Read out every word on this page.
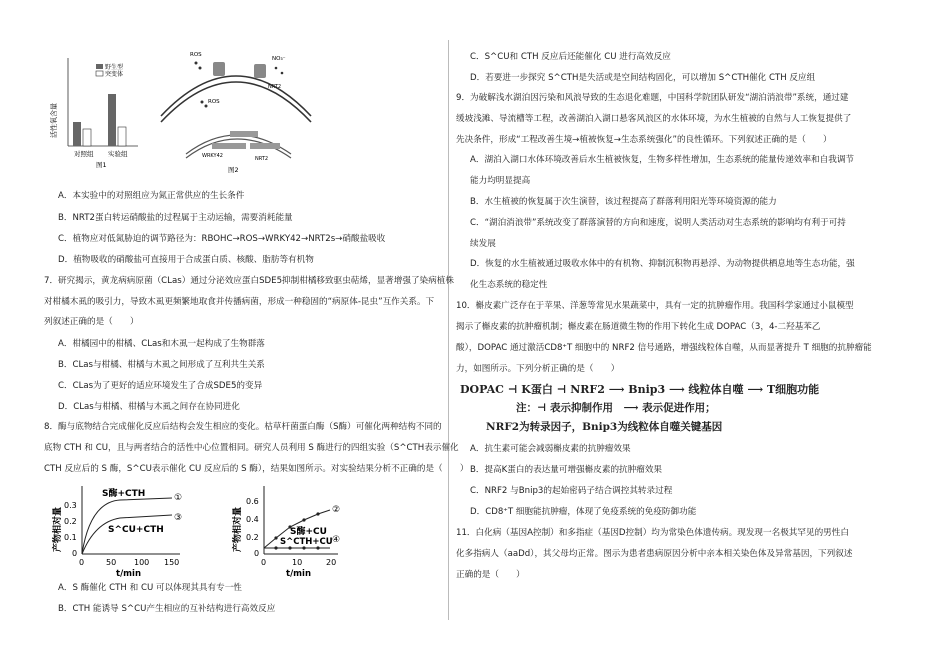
活性氧含量
野生型
突变体
对照组 实验组
图1
ROS
NO₃⁻
NRT2
ROS
WRKY42	NRT2
图2
A．本实验中的对照组应为氮正常供应的生长条件
B．NRT2蛋白转运硝酸盐的过程属于主动运输，需要消耗能量
C．植物应对低氮胁迫的调节路径为：RBOHC→ROS→WRKY42→NRT2s→硝酸盐吸收
D．植物吸收的硝酸盐可直接用于合成蛋白质、核酸、脂肪等有机物
7．研究揭示，黄龙病病原菌（CLas）通过分泌效应蛋白SDE5抑制柑橘移致驱虫萜烯，显著增强了染病植株
对柑橘木虱的吸引力，导致木虱更频繁地取食并传播病菌，形成一种稳固的“病原体-昆虫”互作关系。下
列叙述正确的是（　　）
A．柑橘园中的柑橘、CLas和木虱一起构成了生物群落
B．CLas与柑橘、柑橘与木虱之间形成了互利共生关系
C．CLas为了更好的适应环境发生了合成SDE5的变异
D．CLas与柑橘、柑橘与木虱之间存在协同进化
8．酶与底物结合完成催化反应后结构会发生相应的变化。枯草杆菌蛋白酶（S酶）可催化两种结构不同的
底物 CTH 和 CU，且与两者结合的活性中心位置相同。研究人员利用 S 酶进行的四组实验（S^CTH表示催化
CTH 反应后的 S 酶，S^CU表示催化 CU 反应后的 S 酶），结果如图所示。对实验结果分析不正确的是（　　）
产物相对量
0
0.1
0.2
0.3
0	50 100 150
t/min
S酶+CTH	①
③
S^CU+CTH	产物相对量
0
0.2
0.4
0.6
0	10	20
t/min
②
S酶+CU
④
S^CTH+CU
A．S 酶催化 CTH 和 CU 可以体现其具有专一性
B．CTH 能诱导 S^CU产生相应的互补结构进行高效反应
C．S^CU和 CTH 反应后还能催化 CU 进行高效反应
D．若要进一步探究 S^CTH是失活或是空间结构固化，可以增加 S^CTH催化 CTH 反应组
9．为破解浅水湖泊因污染和风浪导致的生态退化难题，中国科学院团队研发“湖泊消浪带”系统，通过建
缓坡浅滩、导流槽等工程，改善湖泊入湖口悬客风浪区的水体环境，为水生植被的自然与人工恢复提供了
先决条件，形成“工程改善生境→植被恢复→生态系统强化”的良性循环。下列叙述正确的是（　　）
A．湖泊入湖口水体环境改善后水生植被恢复，生物多样性增加，生态系统的能量传递效率和自我调节
能力均明显提高
B．水生植被的恢复属于次生演替，该过程提高了群落利用阳光等环境资源的能力
C．“湖泊消浪带”系统改变了群落演替的方向和速度，说明人类活动对生态系统的影响均有利于可持
续发展
D．恢复的水生植被通过吸收水体中的有机物、抑制沉积物再悬浮、为动物提供栖息地等生态功能，强
化生态系统的稳定性
10．槲皮素广泛存在于苹果、洋葱等常见水果蔬菜中，具有一定的抗肿瘤作用。我国科学家通过小鼠模型
揭示了槲皮素的抗肿瘤机制；槲皮素在肠道微生物的作用下转化生成 DOPAC（3，4-二羟基苯乙
酸），DOPAC 通过激活CD8⁺T 细胞中的 NRF2 信号通路，增强线粒体自噬，从而显著提升 T 细胞的抗肿瘤能
力，如图所示。下列分析正确的是（　　）
DOPAC ⊣ K蛋白 ⊣ NRF2 ⟶ Bnip3 ⟶ 线粒体自噬 ⟶ T细胞功能
注：⊣ 表示抑制作用　⟶ 表示促进作用；
NRF2为转录因子，Bnip3为线粒体自噬关键基因
A．抗生素可能会减弱槲皮素的抗肿瘤效果
B．提高K蛋白的表达量可增强槲皮素的抗肿瘤效果
C．NRF2 与Bnip3的起始密码子结合调控其转录过程
D．CD8⁺T 细胞能抗肿瘤，体现了免疫系统的免疫防御功能
11．白化病（基因A控制）和多指症（基因D控制）均为常染色体遗传病。现发现一名极其罕见的男性白
化多指病人（aaDd），其父母均正常。图示为患者患病原因分析中亲本相关染色体及异常基因，下列叙述
正确的是（　　）
